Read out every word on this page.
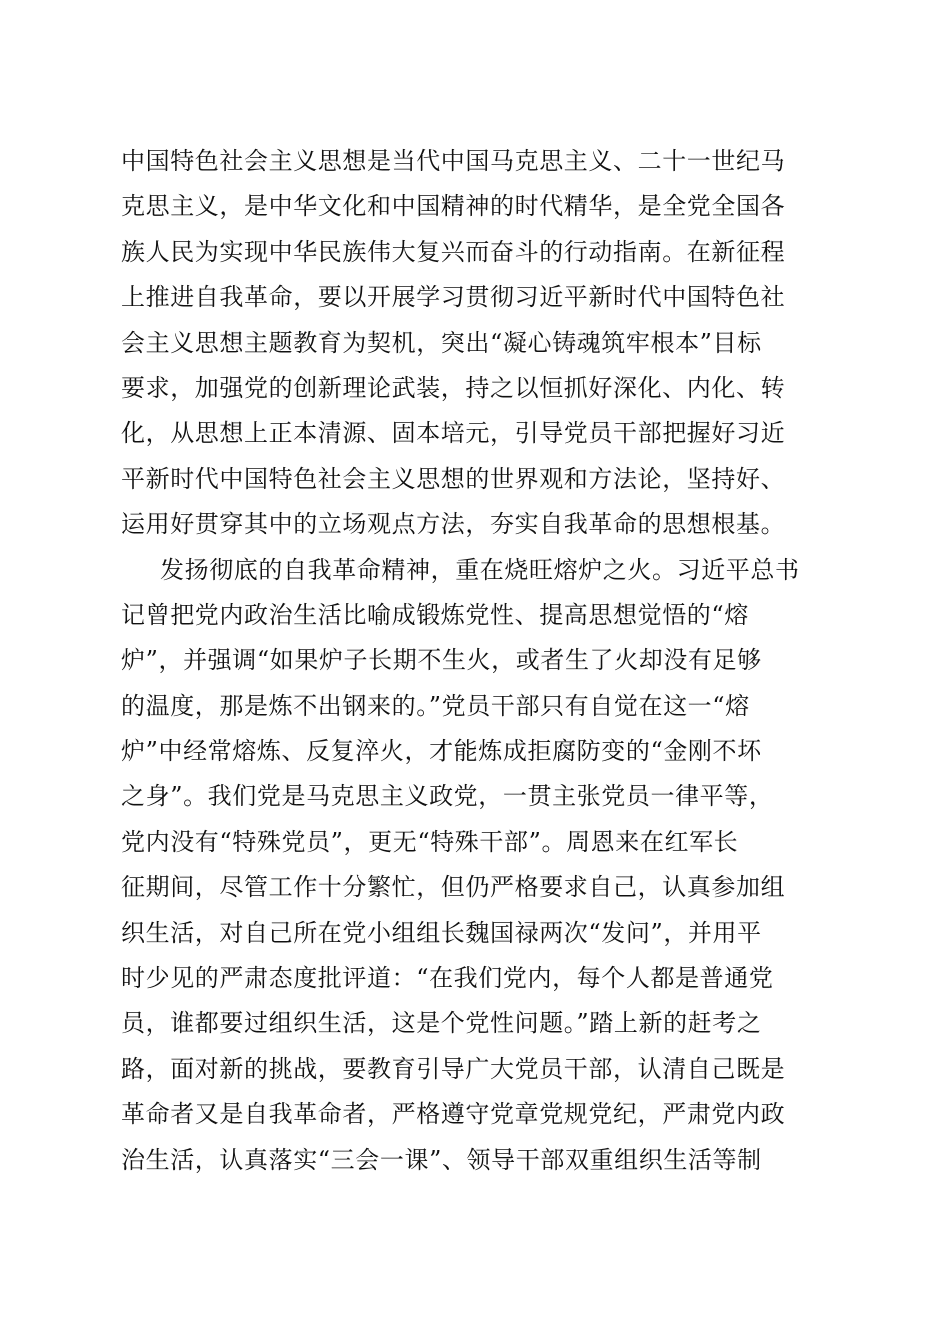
中国特色社会主义思想是当代中国马克思主义、二十一世纪马
克思主义，是中华文化和中国精神的时代精华，是全党全国各
族人民为实现中华民族伟大复兴而奋斗的行动指南。在新征程
上推进自我革命，要以开展学习贯彻习近平新时代中国特色社
会主义思想主题教育为契机，突出“凝心铸魂筑牢根本”目标
要求，加强党的创新理论武装，持之以恒抓好深化、内化、转
化，从思想上正本清源、固本培元，引导党员干部把握好习近
平新时代中国特色社会主义思想的世界观和方法论，坚持好、
运用好贯穿其中的立场观点方法，夯实自我革命的思想根基。
发扬彻底的自我革命精神，重在烧旺熔炉之火。习近平总书
记曾把党内政治生活比喻成锻炼党性、提高思想觉悟的“熔
炉”，并强调“如果炉子长期不生火，或者生了火却没有足够
的温度，那是炼不出钢来的。”党员干部只有自觉在这一“熔
炉”中经常熔炼、反复淬火，才能炼成拒腐防变的“金刚不坏
之身”。我们党是马克思主义政党，一贯主张党员一律平等，
党内没有“特殊党员”，更无“特殊干部”。周恩来在红军长
征期间，尽管工作十分繁忙，但仍严格要求自己，认真参加组
织生活，对自己所在党小组组长魏国禄两次“发问”，并用平
时少见的严肃态度批评道：“在我们党内，每个人都是普通党
员，谁都要过组织生活，这是个党性问题。”踏上新的赶考之
路，面对新的挑战，要教育引导广大党员干部，认清自己既是
革命者又是自我革命者，严格遵守党章党规党纪，严肃党内政
治生活，认真落实“三会一课”、领导干部双重组织生活等制
